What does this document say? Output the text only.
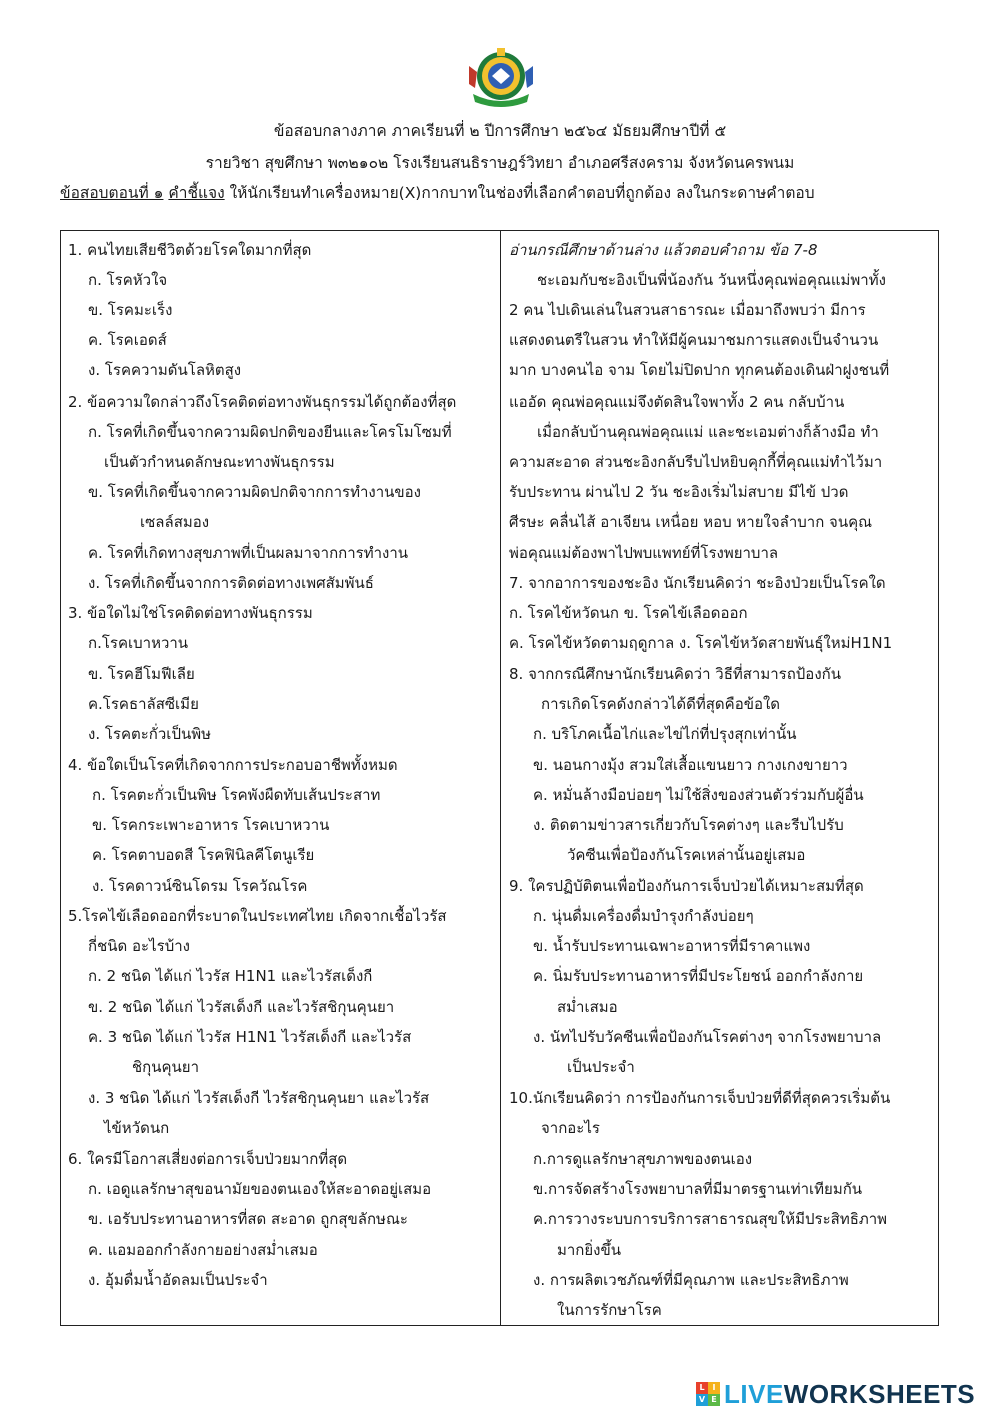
ข้อสอบกลางภาค ภาคเรียนที่ ๒ ปีการศึกษา ๒๕๖๔ มัธยมศึกษาปีที่ ๕
รายวิชา สุขศึกษา พ๓๒๑๐๒ โรงเรียนสนธิราษฎร์วิทยา อำเภอศรีสงคราม จังหวัดนครพนม
ข้อสอบตอนที่ ๑ คำชี้แจง ให้นักเรียนทำเครื่องหมาย(X)กากบาทในช่องที่เลือกคำตอบที่ถูกต้อง ลงในกระดาษคำตอบ
1. คนไทยเสียชีวิตด้วยโรคใดมากที่สุด
ก. โรคหัวใจ
ข. โรคมะเร็ง
ค. โรคเอดส์
ง. โรคความดันโลหิตสูง
2. ข้อความใดกล่าวถึงโรคติดต่อทางพันธุกรรมได้ถูกต้องที่สุด
ก. โรคที่เกิดขึ้นจากความผิดปกติของยีนและโครโมโซมที่
เป็นตัวกำหนดลักษณะทางพันธุกรรม
ข. โรคที่เกิดขึ้นจากความผิดปกติจากการทำงานของ
เซลล์สมอง
ค. โรคที่เกิดทางสุขภาพที่เป็นผลมาจากการทำงาน
ง. โรคที่เกิดขึ้นจากการติดต่อทางเพศสัมพันธ์
3. ข้อใดไม่ใช่โรคติดต่อทางพันธุกรรม
ก.โรคเบาหวาน
ข. โรคฮีโมฟีเลีย
ค.โรคธาลัสซีเมีย
ง. โรคตะกั่วเป็นพิษ
4. ข้อใดเป็นโรคที่เกิดจากการประกอบอาชีพทั้งหมด
ก. โรคตะกั่วเป็นพิษ โรคพังผืดทับเส้นประสาท
ข. โรคกระเพาะอาหาร โรคเบาหวาน
ค. โรคตาบอดสี โรคฟินิลคีโตนูเรีย
ง. โรคดาวน์ซินโดรม โรควัณโรค
5.โรคไข้เลือดออกที่ระบาดในประเทศไทย เกิดจากเชื้อไวรัส
กี่ชนิด อะไรบ้าง
ก. 2 ชนิด ได้แก่ ไวรัส H1N1 และไวรัสเด็งกี
ข. 2 ชนิด ได้แก่ ไวรัสเด็งกี และไวรัสชิกุนคุนยา
ค. 3 ชนิด ได้แก่ ไวรัส H1N1 ไวรัสเด็งกี และไวรัส
ชิกุนคุนยา
ง. 3 ชนิด ได้แก่ ไวรัสเด็งกี ไวรัสชิกุนคุนยา และไวรัส
ไข้หวัดนก
6. ใครมีโอกาสเสี่ยงต่อการเจ็บป่วยมากที่สุด
ก. เอดูแลรักษาสุขอนามัยของตนเองให้สะอาดอยู่เสมอ
ข. เอรับประทานอาหารที่สด สะอาด ถูกสุขลักษณะ
ค. แอมออกกำลังกายอย่างสม่ำเสมอ
ง. อุ้มดื่มน้ำอัดลมเป็นประจำ
อ่านกรณีศึกษาด้านล่าง แล้วตอบคำถาม ข้อ 7-8
ชะเอมกับชะอิงเป็นพี่น้องกัน วันหนึ่งคุณพ่อคุณแม่พาทั้ง
2 คน ไปเดินเล่นในสวนสาธารณะ เมื่อมาถึงพบว่า มีการ
แสดงดนตรีในสวน ทำให้มีผู้คนมาชมการแสดงเป็นจำนวน
มาก บางคนไอ จาม โดยไม่ปิดปาก ทุกคนต้องเดินฝ่าฝูงชนที่
แออัด คุณพ่อคุณแม่จึงตัดสินใจพาทั้ง 2 คน กลับบ้าน
เมื่อกลับบ้านคุณพ่อคุณแม่ และชะเอมต่างก็ล้างมือ ทำ
ความสะอาด ส่วนชะอิงกลับรีบไปหยิบคุกกี้ที่คุณแม่ทำไว้มา
รับประทาน ผ่านไป 2 วัน ชะอิงเริ่มไม่สบาย มีไข้ ปวด
ศีรษะ คลื่นไส้ อาเจียน เหนื่อย หอบ หายใจลำบาก จนคุณ
พ่อคุณแม่ต้องพาไปพบแพทย์ที่โรงพยาบาล
7. จากอาการของชะอิง นักเรียนคิดว่า ชะอิงป่วยเป็นโรคใด
ก. โรคไข้หวัดนก ข. โรคไข้เลือดออก
ค. โรคไข้หวัดตามฤดูกาล ง. โรคไข้หวัดสายพันธุ์ใหม่H1N1
8. จากกรณีศึกษานักเรียนคิดว่า วิธีที่สามารถป้องกัน
การเกิดโรคดังกล่าวได้ดีที่สุดคือข้อใด
ก. บริโภคเนื้อไก่และไข่ไก่ที่ปรุงสุกเท่านั้น
ข. นอนกางมุ้ง สวมใส่เสื้อแขนยาว กางเกงขายาว
ค. หมั่นล้างมือบ่อยๆ ไม่ใช้สิ่งของส่วนตัวร่วมกับผู้อื่น
ง. ติดตามข่าวสารเกี่ยวกับโรคต่างๆ และรีบไปรับ
วัคซีนเพื่อป้องกันโรคเหล่านั้นอยู่เสมอ
9. ใครปฏิบัติตนเพื่อป้องกันการเจ็บป่วยได้เหมาะสมที่สุด
ก. นุ่นดื่มเครื่องดื่มบำรุงกำลังบ่อยๆ
ข. น้ำรับประทานเฉพาะอาหารที่มีราคาแพง
ค. นิ่มรับประทานอาหารที่มีประโยชน์ ออกกำลังกาย
สม่ำเสมอ
ง. นัทไปรับวัคซีนเพื่อป้องกันโรคต่างๆ จากโรงพยาบาล
เป็นประจำ
10.นักเรียนคิดว่า การป้องกันการเจ็บป่วยที่ดีที่สุดควรเริ่มต้น
จากอะไร
ก.การดูแลรักษาสุขภาพของตนเอง
ข.การจัดสร้างโรงพยาบาลที่มีมาตรฐานเท่าเทียมกัน
ค.การวางระบบการบริการสาธารณสุขให้มีประสิทธิภาพ
มากยิ่งขึ้น
ง. การผลิตเวชภัณฑ์ที่มีคุณภาพ และประสิทธิภาพ
ในการรักษาโรค
L I
V E LIVEWORKSHEETS
